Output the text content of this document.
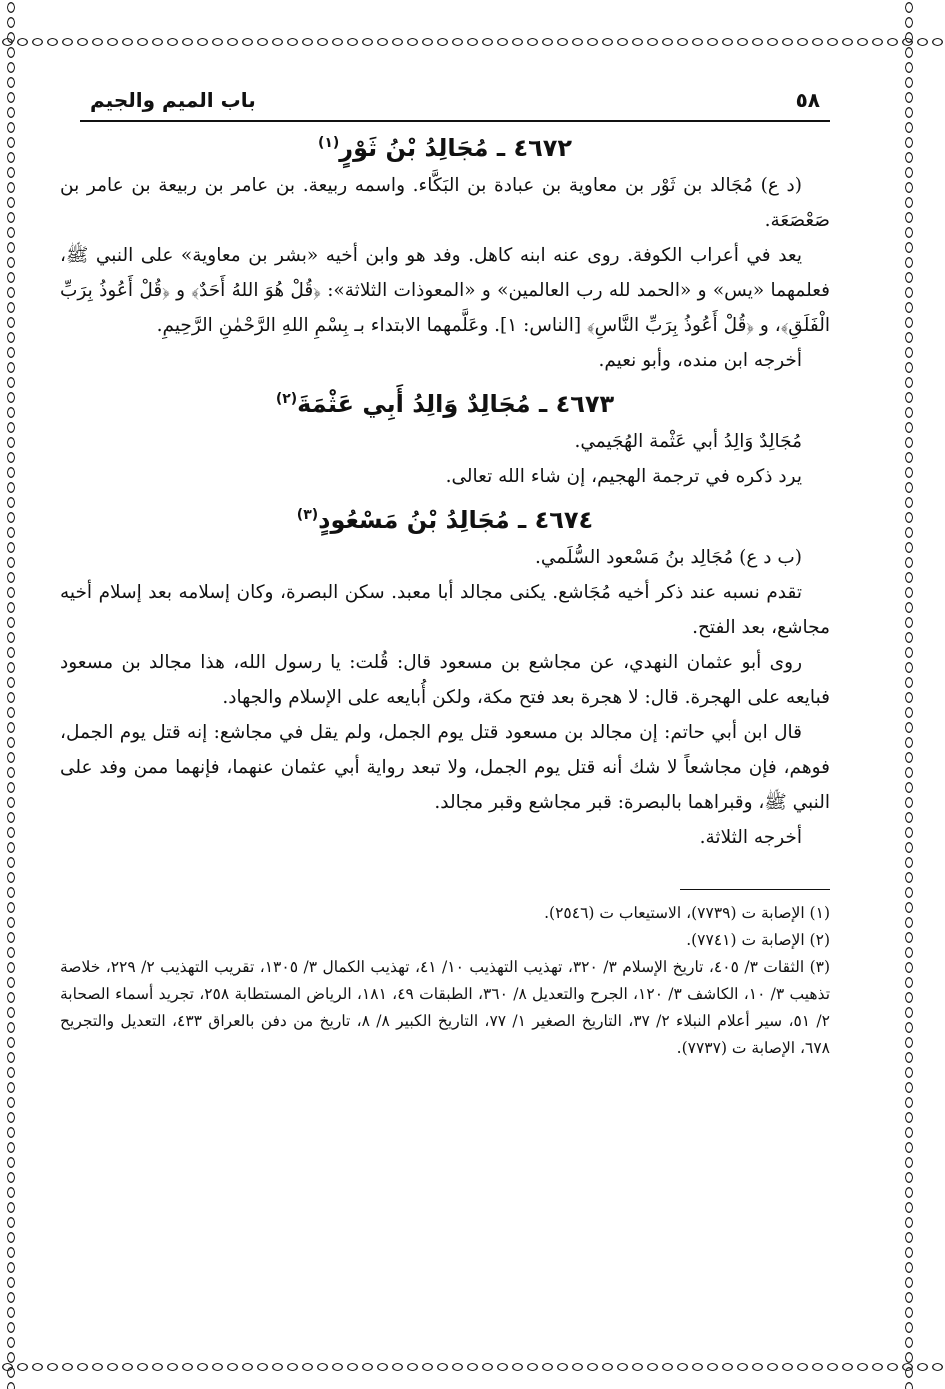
٥٨
باب الميم والجيم
٤٦٧٢ ـ مُجَالِدُ بْنُ ثَوْرٍ$^{(١)}$

(د ع) مُجَالد بن ثَوْر بن معاوية بن عبادة بن البَكَّاء. واسمه ربيعة. بن عامر بن ربيعة بن عامر بن صَعْصَعَة.

يعد في أعراب الكوفة. روى عنه ابنه كاهل. وفد هو وابن أخيه «بشر بن معاوية» على النبي ﷺ، فعلمهما «يس» و «الحمد لله رب العالمين» و «المعوذات الثلاثة»: ﴿قُلْ هُوَ اللهُ أَحَدٌ﴾ و ﴿قُلْ أَعُوذُ بِرَبِّ الْفَلَقِ﴾، و ﴿قُلْ أَعُوذُ بِرَبِّ النَّاسِ﴾ [الناس: ١]. وعَلَّمهما الابتداء بـ بِسْمِ اللهِ الرَّحْمٰنِ الرَّحِيمِ.

أخرجه ابن منده، وأبو نعيم.

٤٦٧٣ ـ مُجَالِدٌ وَالِدُ أَبِي عَثْمَةَ$^{(٢)}$

مُجَالِدٌ وَالِدُ أبي عَثْمة الهُجَيمي.

يرد ذكره في ترجمة الهجيم، إن شاء الله تعالى.

٤٦٧٤ ـ مُجَالِدُ بْنُ مَسْعُودٍ$^{(٣)}$

(ب د ع) مُجَالِد بنُ مَسْعود السُّلَمي.

تقدم نسبه عند ذكر أخيه مُجَاشع. يكنى مجالد أبا معبد. سكن البصرة، وكان إسلامه بعد إسلام أخيه مجاشع، بعد الفتح.

روى أبو عثمان النهدي، عن مجاشع بن مسعود قال: قُلت: يا رسول الله، هذا مجالد بن مسعود فبايعه على الهجرة. قال: لا هجرة بعد فتح مكة، ولكن أُبايعه على الإسلام والجهاد.

قال ابن أبي حاتم: إن مجالد بن مسعود قتل يوم الجمل، ولم يقل في مجاشع: إنه قتل يوم الجمل، فوهم، فإن مجاشعاً لا شك أنه قتل يوم الجمل، ولا تبعد رواية أبي عثمان عنهما، فإنهما ممن وفد على النبي ﷺ، وقبراهما بالبصرة: قبر مجاشع وقبر مجالد.

أخرجه الثلاثة.

(١) الإصابة ت (٧٧٣٩)، الاستيعاب ت (٢٥٤٦).

(٢) الإصابة ت (٧٧٤١).

(٣) الثقات ٣/ ٤٠٥، تاريخ الإسلام ٣/ ٣٢٠، تهذيب التهذيب ١٠/ ٤١، تهذيب الكمال ٣/ ١٣٠٥، تقريب التهذيب ٢/ ٢٢٩، خلاصة تذهيب ٣/ ١٠، الكاشف ٣/ ١٢٠، الجرح والتعديل ٨/ ٣٦٠، الطبقات ٤٩، ١٨١، الرياض المستطابة ٢٥٨، تجريد أسماء الصحابة ٢/ ٥١، سير أعلام النبلاء ٢/ ٣٧، التاريخ الصغير ١/ ٧٧، التاريخ الكبير ٨/ ٨، تاريخ من دفن بالعراق ٤٣٣، التعديل والتجريح ٦٧٨، الإصابة ت (٧٧٣٧).
